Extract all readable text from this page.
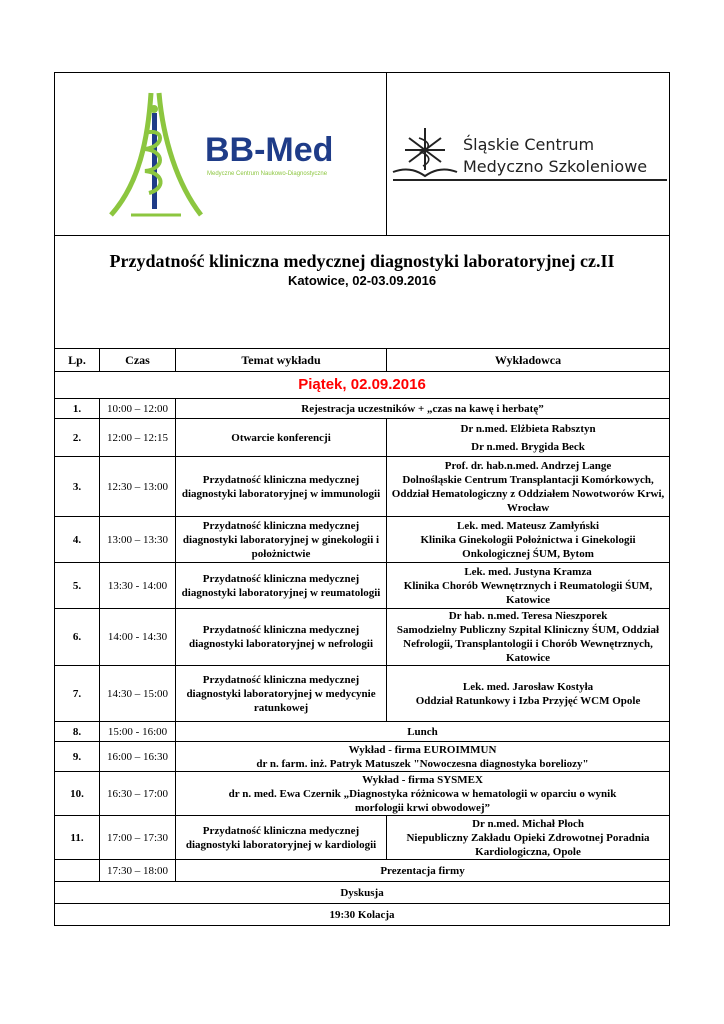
BB-Med
Medyczne Centrum Naukowo-Diagnostyczne			Śląskie Centrum
Medyczno Szkoleniowe

Przydatność kliniczna medycznej diagnostyki laboratoryjnej cz.II
Katowice, 02-03.09.2016			

Lp.	Czas	Temat wykładu	Wykładowca
Piątek, 02.09.2016			
1.	10:00 – 12:00	Rejestracja uczestników + „czas na kawę i herbatę”	
2.	12:00 – 12:15	Otwarcie konferencji	Dr n.med. Elżbieta Rabsztyn
Dr n.med. Brygida Beck

3.	12:30 – 13:00	Przydatność kliniczna medycznej diagnostyki laboratoryjnej w immunologii	Prof. dr. hab.n.med. Andrzej Lange
Dolnośląskie Centrum Transplantacji Komórkowych, Oddział Hematologiczny z Oddziałem Nowotworów Krwi, Wrocław

4.	13:00 – 13:30	Przydatność kliniczna medycznej diagnostyki laboratoryjnej w ginekologii i położnictwie	Lek. med. Mateusz Zamłyński
Klinika Ginekologii Położnictwa i Ginekologii Onkologicznej ŚUM, Bytom

5.	13:30 - 14:00	Przydatność kliniczna medycznej diagnostyki laboratoryjnej w reumatologii	Lek. med. Justyna Kramza
Klinika Chorób Wewnętrznych i Reumatologii ŚUM, Katowice

6.	14:00 - 14:30	Przydatność kliniczna medycznej diagnostyki laboratoryjnej w nefrologii	Dr hab. n.med. Teresa Nieszporek
Samodzielny Publiczny Szpital Kliniczny ŚUM, Oddział Nefrologii, Transplantologii i Chorób Wewnętrznych, Katowice

7.	14:30 – 15:00	Przydatność kliniczna medycznej diagnostyki laboratoryjnej w medycynie ratunkowej	Lek. med. Jarosław Kostyła
Oddział Ratunkowy i Izba Przyjęć WCM Opole

8.	15:00 - 16:00	Lunch	
9.	16:00 – 16:30	Wykład - firma EUROIMMUN
dr n. farm. inż. Patryk Matuszek "Nowoczesna diagnostyka boreliozy"	

10.	16:30 – 17:00	Wykład - firma SYSMEX
dr n. med. Ewa Czernik „Diagnostyka różnicowa w hematologii w oparciu o wynik morfologii krwi obwodowej”	

11.	17:00 – 17:30	Przydatność kliniczna medycznej diagnostyki laboratoryjnej w kardiologii	Dr n.med. Michał Płoch
Niepubliczny Zakładu Opieki Zdrowotnej Poradnia Kardiologiczna, Opole

	17:30 – 18:00	Prezentacja firmy	
Dyskusja			
19:30 Kolacja			
